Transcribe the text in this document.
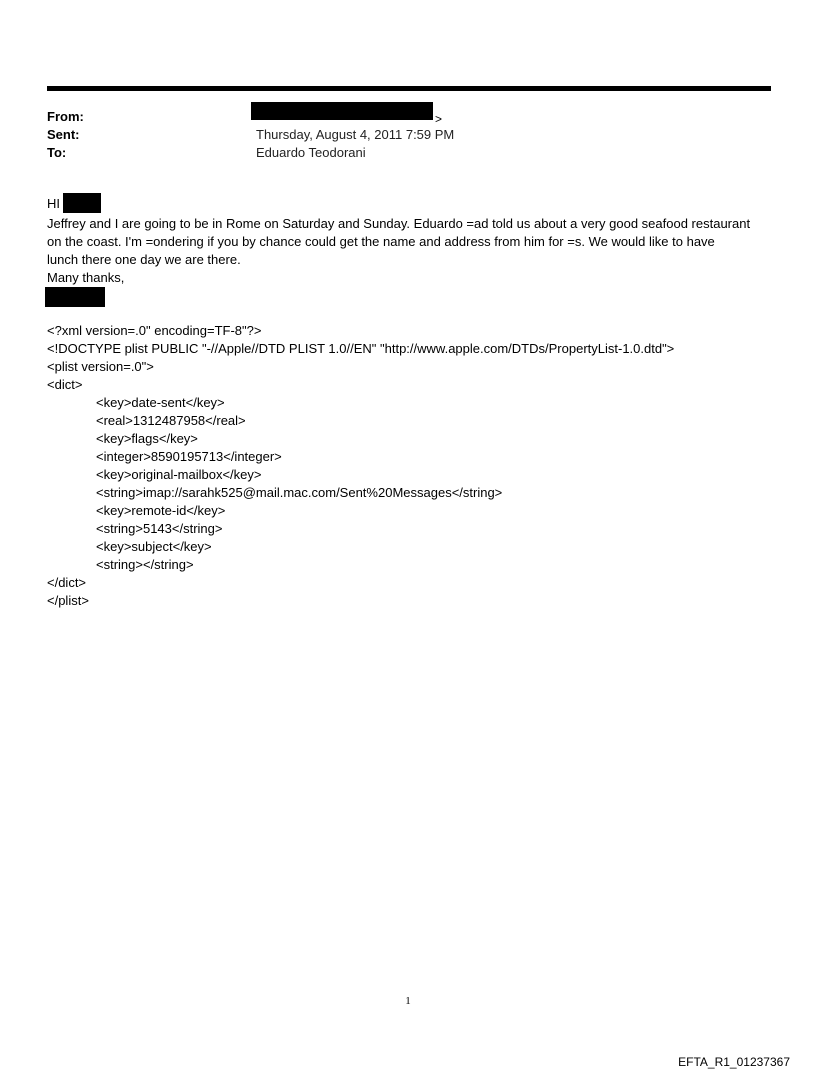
From:	>
Sent:	Thursday, August 4, 2011 7:59 PM
To:	Eduardo Teodorani
HI
Jeffrey and I are going to be in Rome on Saturday and Sunday. Eduardo =ad told us about a very good seafood restaurant
on the coast. I'm =ondering if you by chance could get the name and address from him for =s. We would like to have
lunch there one day we are there.
Many thanks,
<?xml version=.0" encoding=TF-8"?>
<!DOCTYPE plist PUBLIC "-//Apple//DTD PLIST 1.0//EN" "http://www.apple.com/DTDs/PropertyList-1.0.dtd">
<plist version=.0">
<dict>
<key>date-sent</key>
<real>1312487958</real>
<key>flags</key>
<integer>8590195713</integer>
<key>original-mailbox</key>
<string>imap://sarahk525@mail.mac.com/Sent%20Messages</string>
<key>remote-id</key>
<string>5143</string>
<key>subject</key>
<string></string>
</dict>
</plist>
1
EFTA_R1_01237367
